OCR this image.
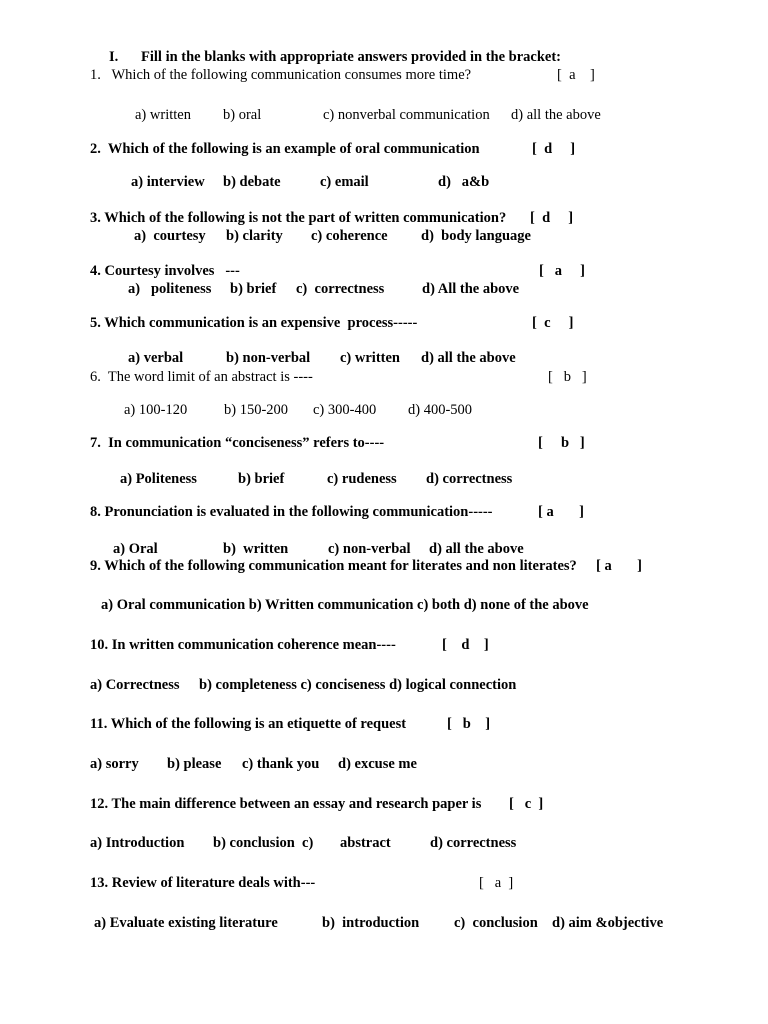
I. Fill in the blanks with appropriate answers provided in the bracket:
1.   Which of the following communication consumes more time?	[  a    ]
a) written b) oral	c) nonverbal communication d) all the above
2.  Which of the following is an example of oral communication	[  d     ]
a) interview b) debate	c) email	d)   a&b
3. Which of the following is not the part of written communication? [  d     ]
a)  courtesy b) clarity c) coherence d)  body language
4. Courtesy involves   ---	[   a     ]
a)   politeness b) brief c)  correctness	d) All the above
5. Which communication is an expensive  process-----	[  c     ]
a) verbal	b) non-verbal c) written d) all the above
6.  The word limit of an abstract is ----	[   b   ]
a) 100-120	b) 150-200 c) 300-400 d) 400-500
7.  In communication “conciseness” refers to----	[     b   ]
a) Politeness	b) brief	c) rudeness d) correctness
8. Pronunciation is evaluated in the following communication-----	[ a       ]
a) Oral	b)  written	c) non-verbal d) all the above
9. Which of the following communication meant for literates and non literates? [ a       ]
a) Oral communication b) Written communication c) both d) none of the above
10. In written communication coherence mean----	[    d    ]
a) Correctness b) completeness c) conciseness d) logical connection
11. Which of the following is an etiquette of request	[   b    ]
a) sorry b) please c) thank you d) excuse me
12. The main difference between an essay and research paper is [   c  ]
a) Introduction b) conclusion  c) abstract	d) correctness
13. Review of literature deals with---	[   a  ]
a) Evaluate existing literature	b)  introduction c)  conclusion d) aim &objective
